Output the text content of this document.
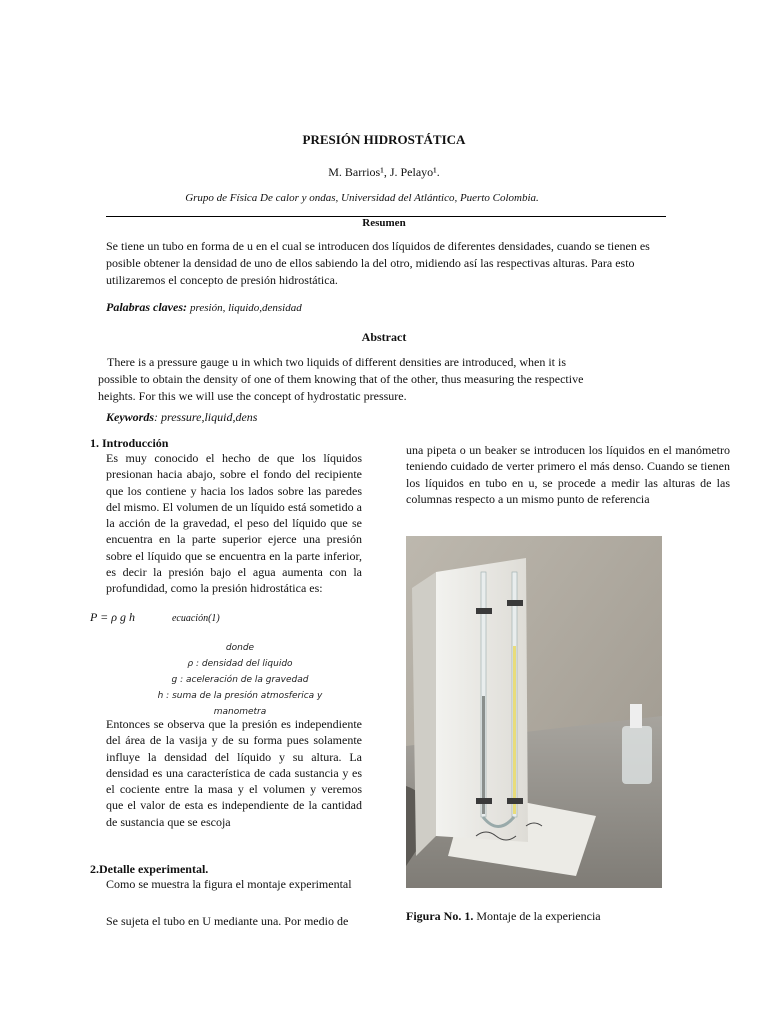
PRESIÓN HIDROSTÁTICA
M. Barrios¹, J. Pelayo¹.
Grupo de Física De calor y ondas, Universidad del Atlántico, Puerto Colombia.
Resumen
Se tiene un tubo en forma de u en el cual se introducen dos líquidos de diferentes densidades, cuando se tienen es posible obtener la densidad de uno de ellos sabiendo la del otro, midiendo así las respectivas alturas. Para esto utilizaremos el concepto de presión hidrostática.
Palabras claves: presión, liquido,densidad
Abstract
There is a pressure gauge u in which two liquids of different densities are introduced, when it is
possible to obtain the density of one of them knowing that of the other, thus measuring the respective
heights. For this we will use the concept of hydrostatic pressure.
Keywords: pressure,liquid,dens
1. Introducción
Es muy conocido el hecho de que los líquidos presionan hacia abajo, sobre el fondo del recipiente que los contiene y hacia los lados sobre las paredes del mismo. El volumen de un líquido está sometido a la acción de la gravedad, el peso del líquido que se encuentra en la parte superior ejerce una presión sobre el líquido que se encuentra en la parte inferior, es decir la presión bajo el agua aumenta con la profundidad, como la presión hidrostática es:
P = ρ g h	ecuación(1)
donde
ρ : densidad del liquido
g : aceleración de la gravedad
h : suma de la presión atmosferica y manometra
Entonces se observa que la presión es independiente del área de la vasija y de su forma pues solamente influye la densidad del líquido y su altura. La densidad es una característica de cada sustancia y es el cociente entre la masa y el volumen y veremos que el valor de esta es independiente de la cantidad de sustancia que se escoja
2.Detalle experimental.
Como se muestra la figura el montaje experimental
Se sujeta el tubo en U mediante una. Por medio de
una pipeta o un beaker se introducen los líquidos en el manómetro teniendo cuidado de verter primero el más denso. Cuando se tienen los líquidos en tubo en u, se procede a medir las alturas de las columnas respecto a un mismo punto de referencia
Figura No. 1. Montaje de la experiencia
